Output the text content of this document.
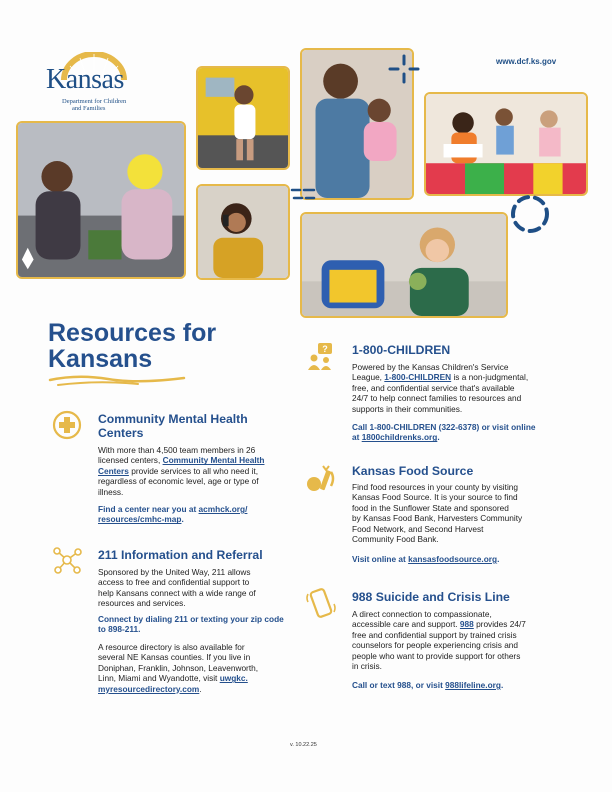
Kansas
Department for Children
and Families
www.dcf.ks.gov
Resources for
Kansans
Community Mental Health
Centers
With more than 4,500 team members in 26
licensed centers, Community Mental Health
Centers provide services to all who need it,
regardless of economic level, age or type of
illness.
Find a center near you at acmhck.org/
resources/cmhc-map.
211 Information and Referral
Sponsored by the United Way, 211 allows
access to free and confidential support to
help Kansans connect with a wide range of
resources and services.
Connect by dialing 211 or texting your zip code
to 898-211.
A resource directory is also available for
several NE Kansas counties. If you live in
Doniphan, Franklin, Johnson, Leavenworth,
Linn, Miami and Wyandotte, visit uwgkc.
myresourcedirectory.com.
? 1-800-CHILDREN
Powered by the Kansas Children's Service
League, 1-800-CHILDREN is a non-judgmental,
free, and confidential service that's available
24/7 to help connect families to resources and
supports in their communities.
Call 1-800-CHILDREN (322-6378) or visit online
at 1800childrenks.org.
Kansas Food Source
Find food resources in your county by visiting
Kansas Food Source. It is your source to find
food in the Sunflower State and sponsored
by Kansas Food Bank, Harvesters Community
Food Network, and Second Harvest
Community Food Bank.
Visit online at kansasfoodsource.org.
988 Suicide and Crisis Line
A direct connection to compassionate,
accessible care and support. 988 provides 24/7
free and confidential support by trained crisis
counselors for people experiencing crisis and
people who want to provide support for others
in crisis.
Call or text 988, or visit 988lifeline.org.
v. 10.22.25
